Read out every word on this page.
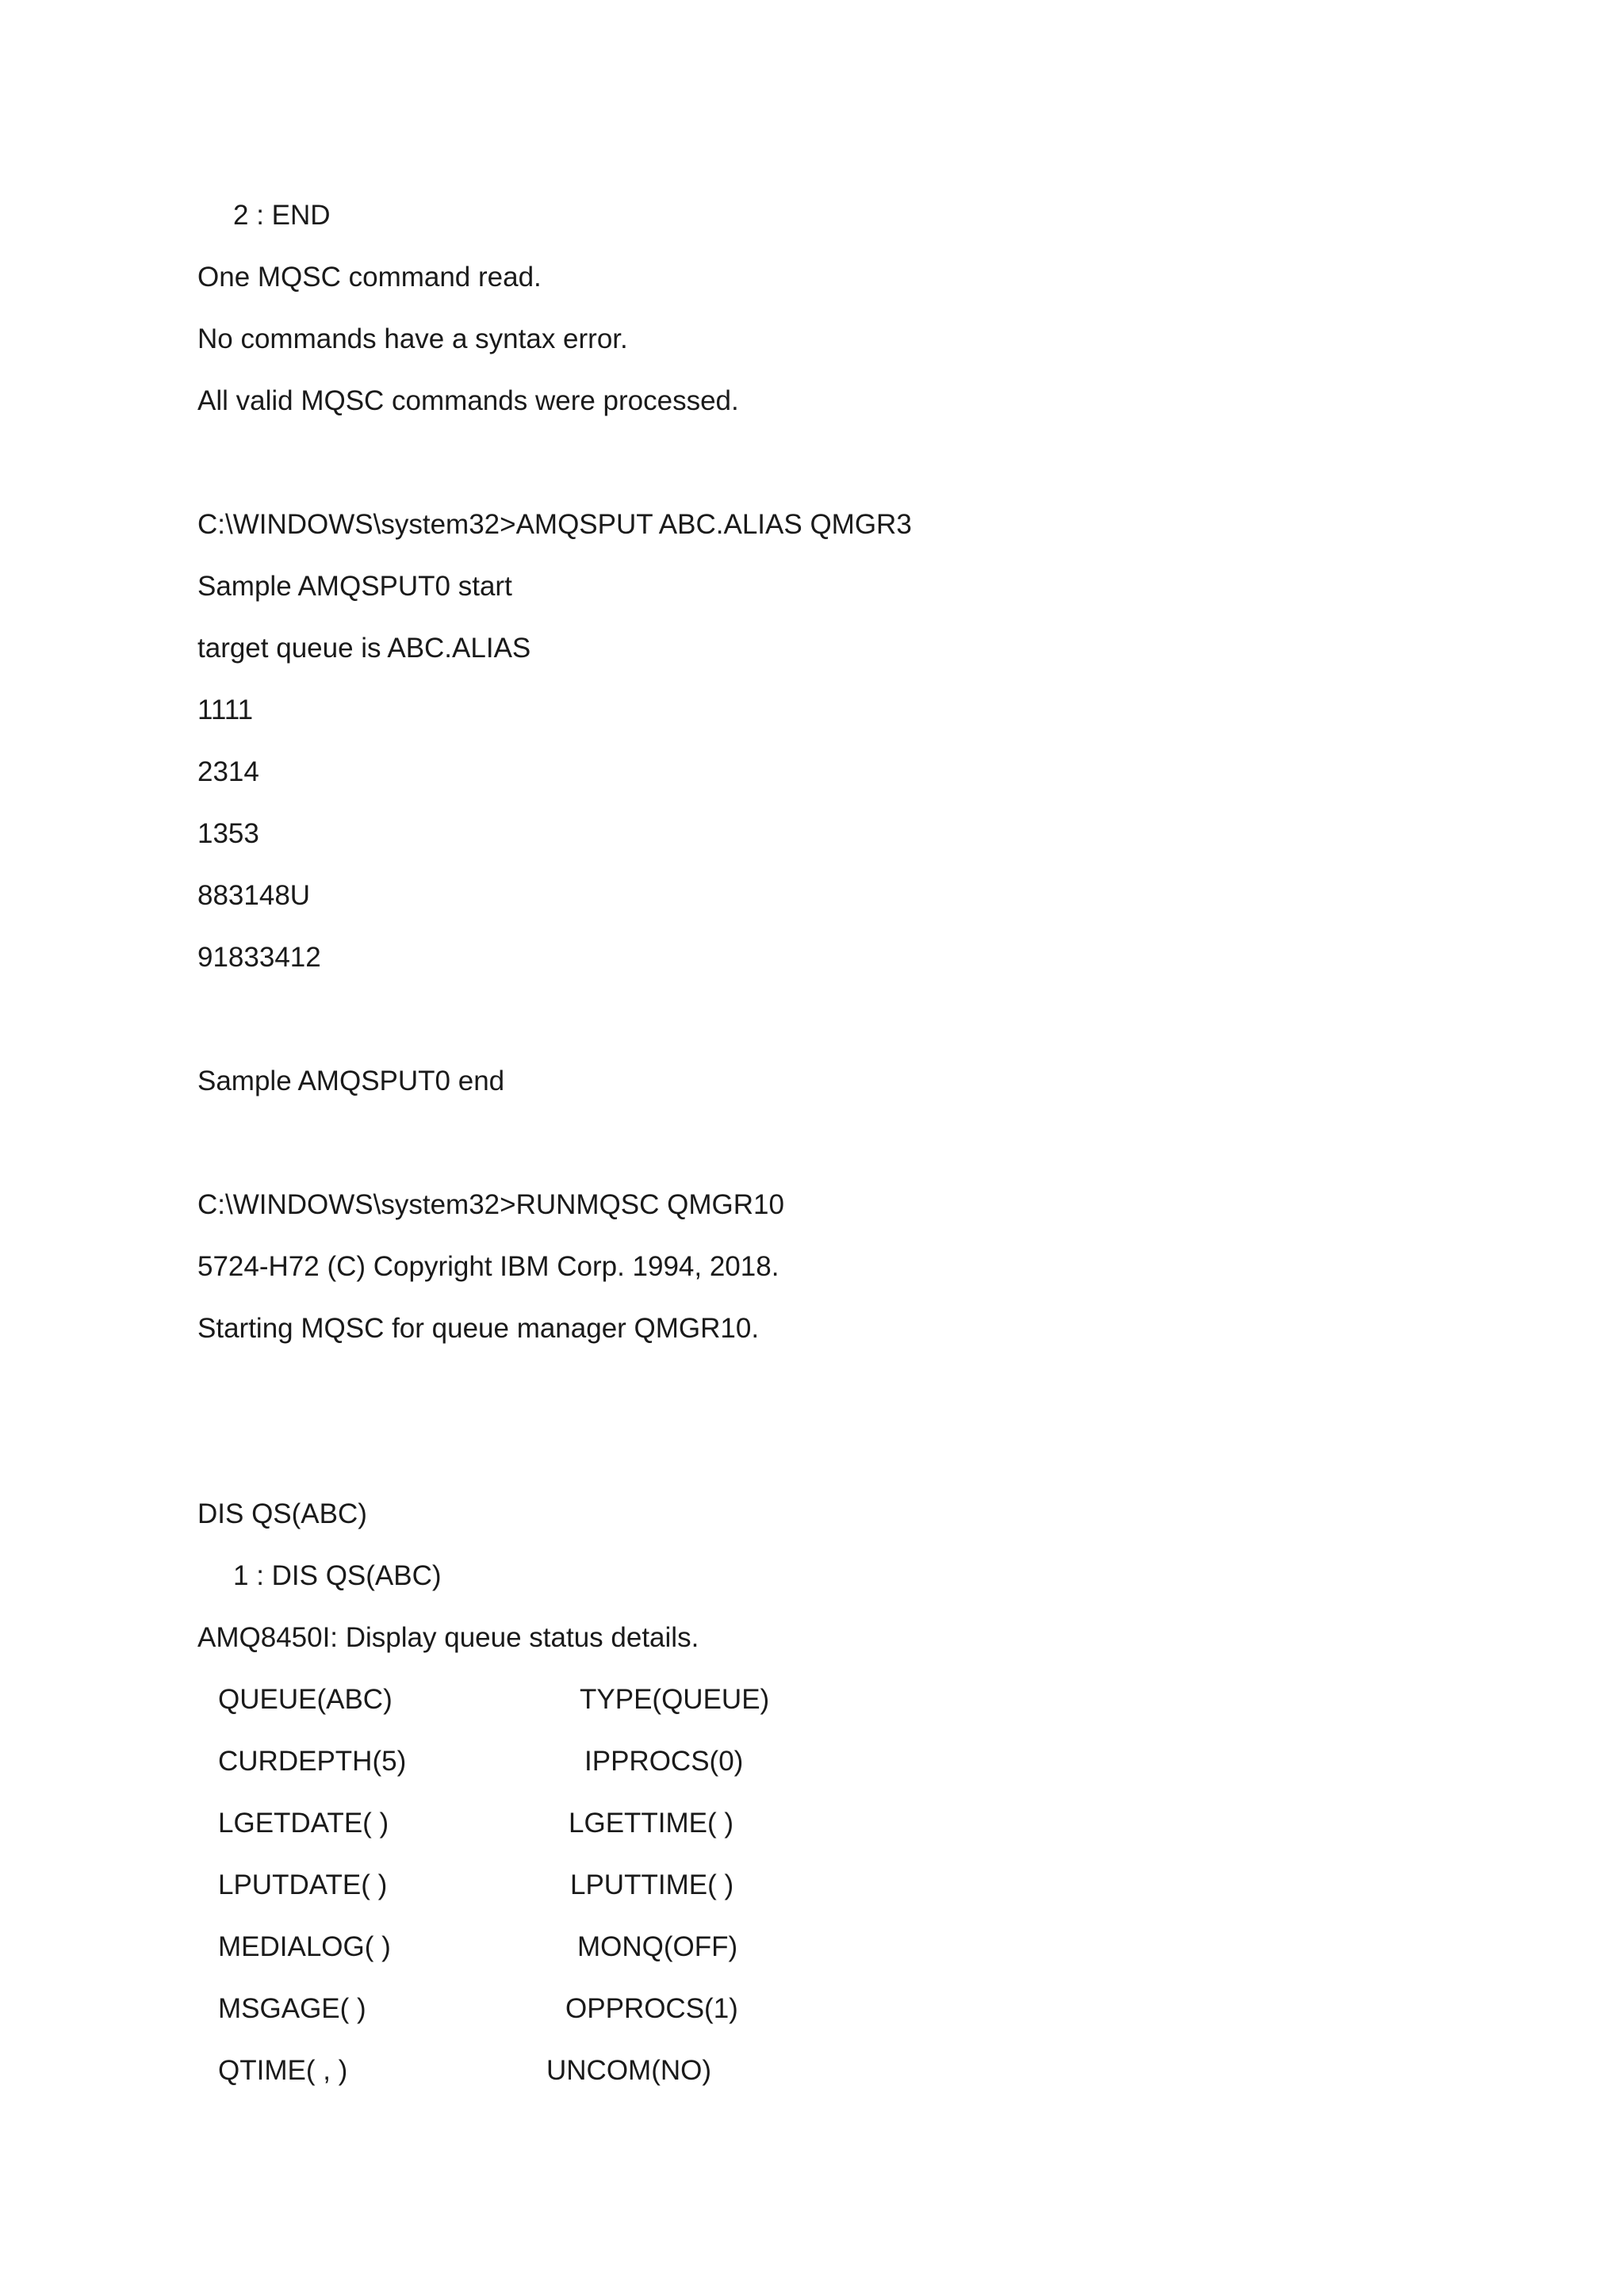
2 : END
One MQSC command read.
No commands have a syntax error.
All valid MQSC commands were processed.
C:\WINDOWS\system32>AMQSPUT ABC.ALIAS QMGR3
Sample AMQSPUT0 start
target queue is ABC.ALIAS
1111
2314
1353
883148U
91833412
Sample AMQSPUT0 end
C:\WINDOWS\system32>RUNMQSC QMGR10
5724-H72 (C) Copyright IBM Corp. 1994, 2018.
Starting MQSC for queue manager QMGR10.
DIS QS(ABC)
1 : DIS QS(ABC)
AMQ8450I: Display queue status details.
QUEUE(ABC)	TYPE(QUEUE)
CURDEPTH(5)	IPPROCS(0)
LGETDATE( )	LGETTIME( )
LPUTDATE( )	LPUTTIME( )
MEDIALOG( )	MONQ(OFF)
MSGAGE( )	OPPROCS(1)
QTIME( , )	UNCOM(NO)
